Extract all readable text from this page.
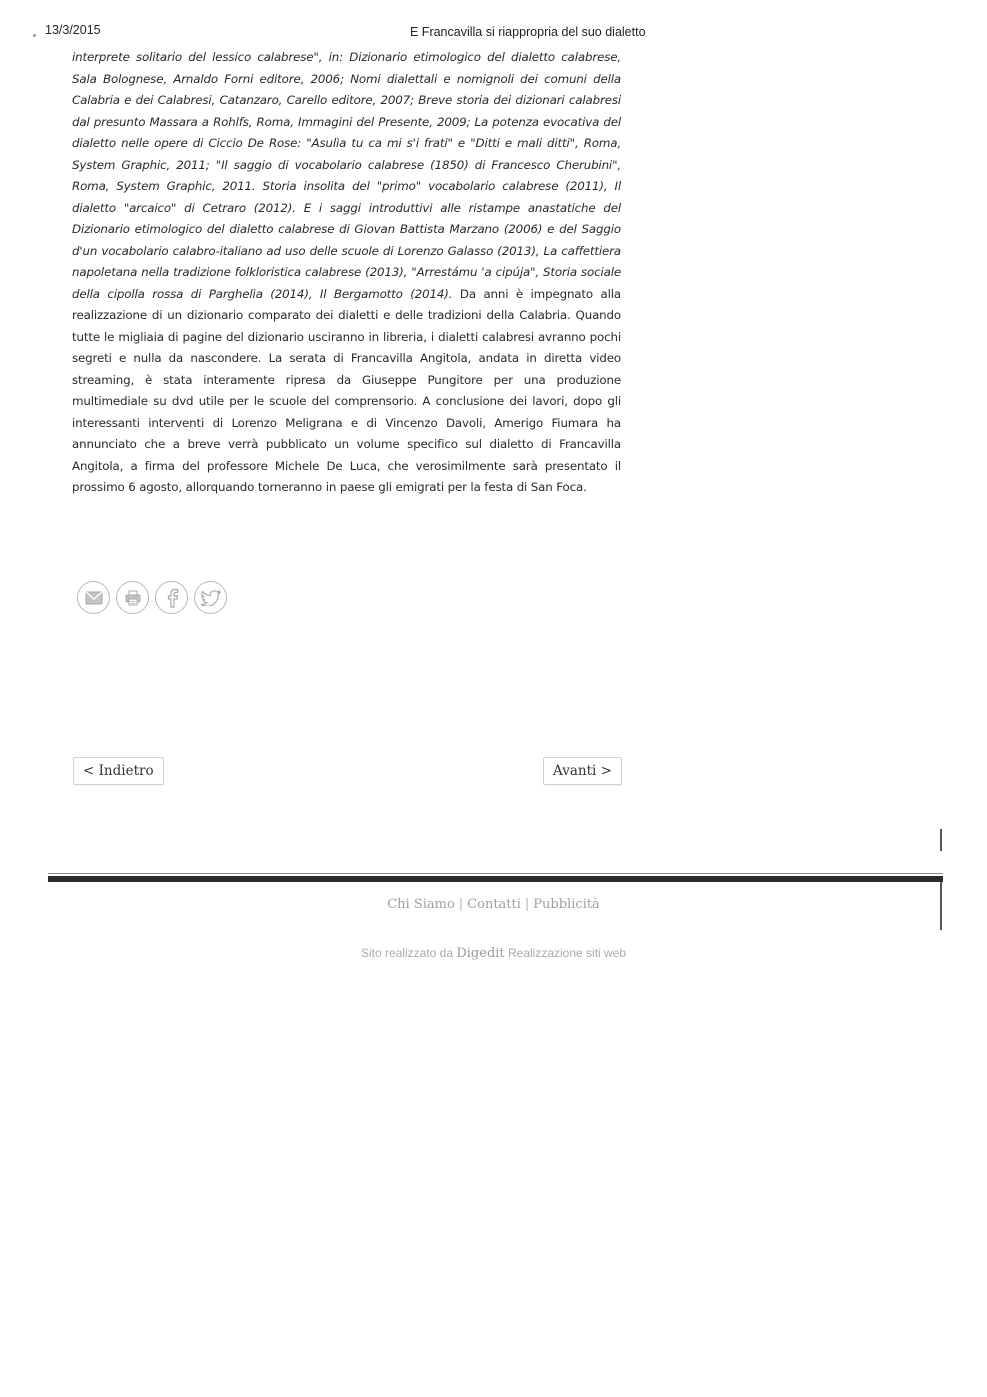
13/3/2015	E Francavilla si riappropria del suo dialetto
interprete solitario del lessico calabrese", in: Dizionario etimologico del dialetto calabrese, Sala Bolognese, Arnaldo Forni editore, 2006; Nomi dialettali e nomignoli dei comuni della Calabria e dei Calabresi, Catanzaro, Carello editore, 2007; Breve storia dei dizionari calabresi dal presunto Massara a Rohlfs, Roma, Immagini del Presente, 2009; La potenza evocativa del dialetto nelle opere di Ciccio De Rose: "Asulìa tu ca mi s'i frati" e "Ditti e mali ditti", Roma, System Graphic, 2011; "Il saggio di vocabolario calabrese (1850) di Francesco Cherubini", Roma, System Graphic, 2011. Storia insolita del "primo" vocabolario calabrese (2011), Il dialetto "arcaico" di Cetraro (2012). E i saggi introduttivi alle ristampe anastatiche del Dizionario etimologico del dialetto calabrese di Giovan Battista Marzano (2006) e del Saggio d'un vocabolario calabro-italiano ad uso delle scuole di Lorenzo Galasso (2013), La caffettiera napoletana nella tradizione folkloristica calabrese (2013), "Arrestámu 'a cipúja", Storia sociale della cipolla rossa di Parghelìa (2014), Il Bergamotto (2014). Da anni è impegnato alla realizzazione di un dizionario comparato dei dialetti e delle tradizioni della Calabria. Quando tutte le migliaia di pagine del dizionario usciranno in libreria, i dialetti calabresi avranno pochi segreti e nulla da nascondere. La serata di Francavilla Angitola, andata in diretta video streaming, è stata interamente ripresa da Giuseppe Pungitore per una produzione multimediale su dvd utile per le scuole del comprensorio. A conclusione dei lavori, dopo gli interessanti interventi di Lorenzo Meligrana e di Vincenzo Davoli, Amerigo Fiumara ha annunciato che a breve verrà pubblicato un volume specifico sul dialetto di Francavilla Angitola, a firma del professore Michele De Luca, che verosimilmente sarà presentato il prossimo 6 agosto, allorquando torneranno in paese gli emigrati per la festa di San Foca.
< Indietro	Avanti >
Chi Siamo | Contatti | Pubblicità
Sito realizzato da Digedit Realizzazione siti web
